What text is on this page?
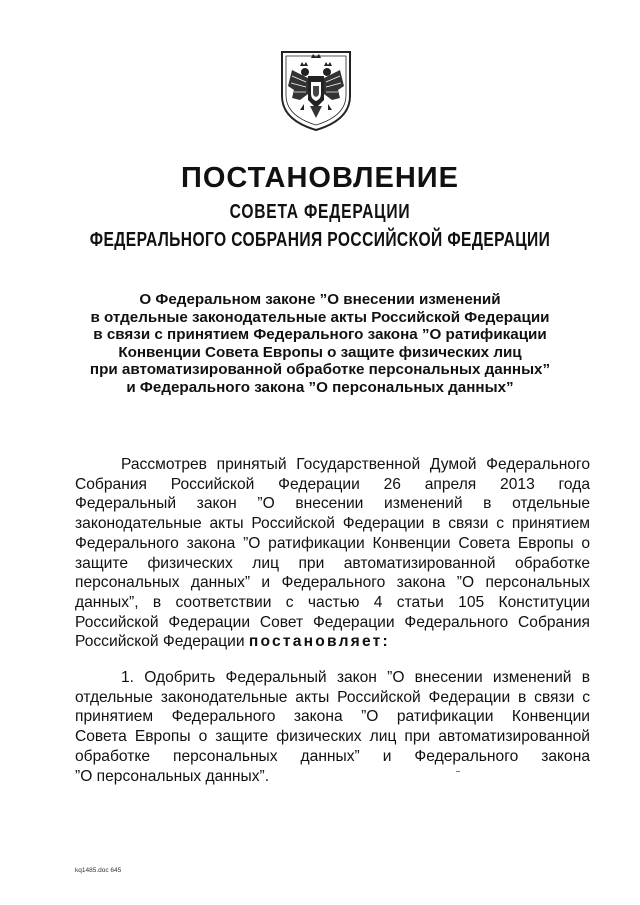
ПОСТАНОВЛЕНИЕ
СОВЕТА ФЕДЕРАЦИИ
ФЕДЕРАЛЬНОГО СОБРАНИЯ РОССИЙСКОЙ ФЕДЕРАЦИИ
О Федеральном законе ”О внесении изменений
в отдельные законодательные акты Российской Федерации
в связи с принятием Федерального закона ”О ратификации
Конвенции Совета Европы о защите физических лиц
при автоматизированной обработке персональных данных”
и Федерального закона ”О персональных данных”
Рассмотрев принятый Государственной Думой Федерального
Собрания Российской Федерации 26 апреля 2013 года
Федеральный закон ”О внесении изменений в отдельные
законодательные акты Российской Федерации в связи с принятием
Федерального закона ”О ратификации Конвенции Совета Европы о
защите физических лиц при автоматизированной обработке
персональных данных” и Федерального закона ”О персональных
данных”, в соответствии с частью 4 статьи 105 Конституции
Российской Федерации Совет Федерации Федерального Собрания
Российской Федерации постановляет:
1. Одобрить Федеральный закон ”О внесении изменений в
отдельные законодательные акты Российской Федерации в связи с
принятием Федерального закона ”О ратификации Конвенции
Совета Европы о защите физических лиц при автоматизированной
обработке персональных данных” и Федерального закона
”О персональных данных”.
kq1485.doc 645
